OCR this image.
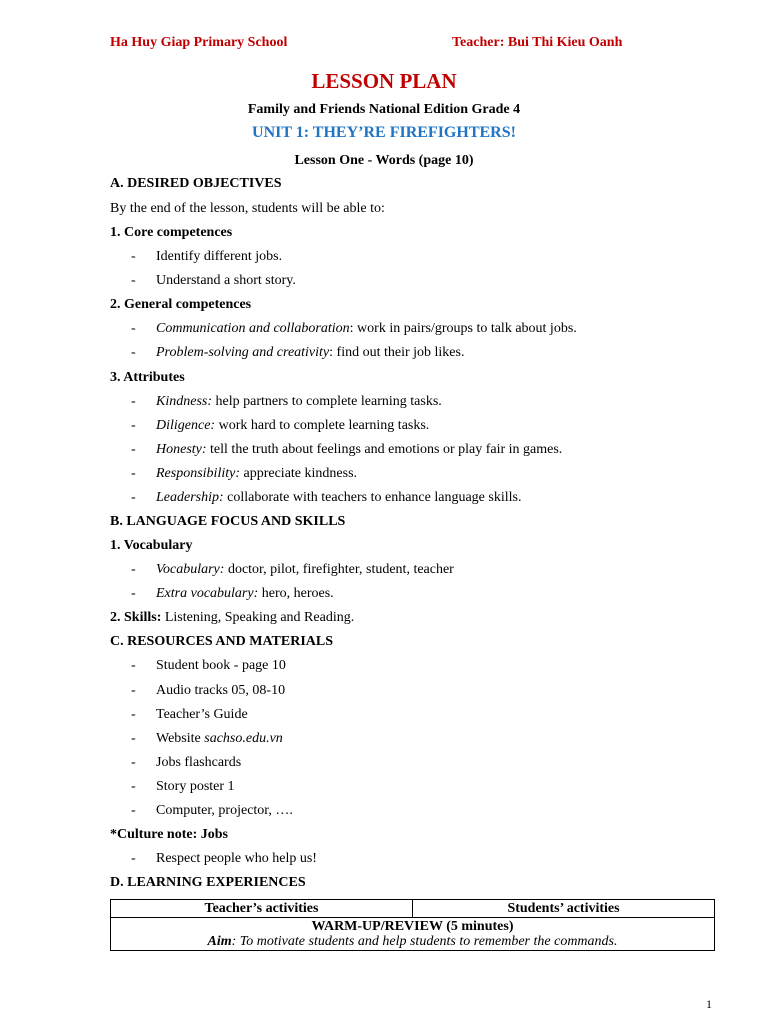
Ha Huy Giap Primary School	Teacher: Bui Thi Kieu Oanh
LESSON PLAN
Family and Friends National Edition Grade 4
UNIT 1: THEY’RE FIREFIGHTERS!
Lesson One - Words (page 10)
A. DESIRED OBJECTIVES
By the end of the lesson, students will be able to:
1. Core competences
- Identify different jobs.
- Understand a short story.
2. General competences
- Communication and collaboration: work in pairs/groups to talk about jobs.
- Problem-solving and creativity: find out their job likes.
3. Attributes
- Kindness: help partners to complete learning tasks.
- Diligence: work hard to complete learning tasks.
- Honesty: tell the truth about feelings and emotions or play fair in games.
- Responsibility: appreciate kindness.
- Leadership: collaborate with teachers to enhance language skills.
B. LANGUAGE FOCUS AND SKILLS
1. Vocabulary
- Vocabulary: doctor, pilot, firefighter, student, teacher
- Extra vocabulary: hero, heroes.
2. Skills: Listening, Speaking and Reading.
C. RESOURCES AND MATERIALS
- Student book - page 10
- Audio tracks 05, 08-10
- Teacher’s Guide
- Website sachso.edu.vn
- Jobs flashcards
- Story poster 1
- Computer, projector, ….
*Culture note: Jobs
- Respect people who help us!
D. LEARNING EXPERIENCES
Teacher’s activities	Students’ activities

WARM-UP/REVIEW (5 minutes)
Aim: To motivate students and help students to remember the commands.
1
